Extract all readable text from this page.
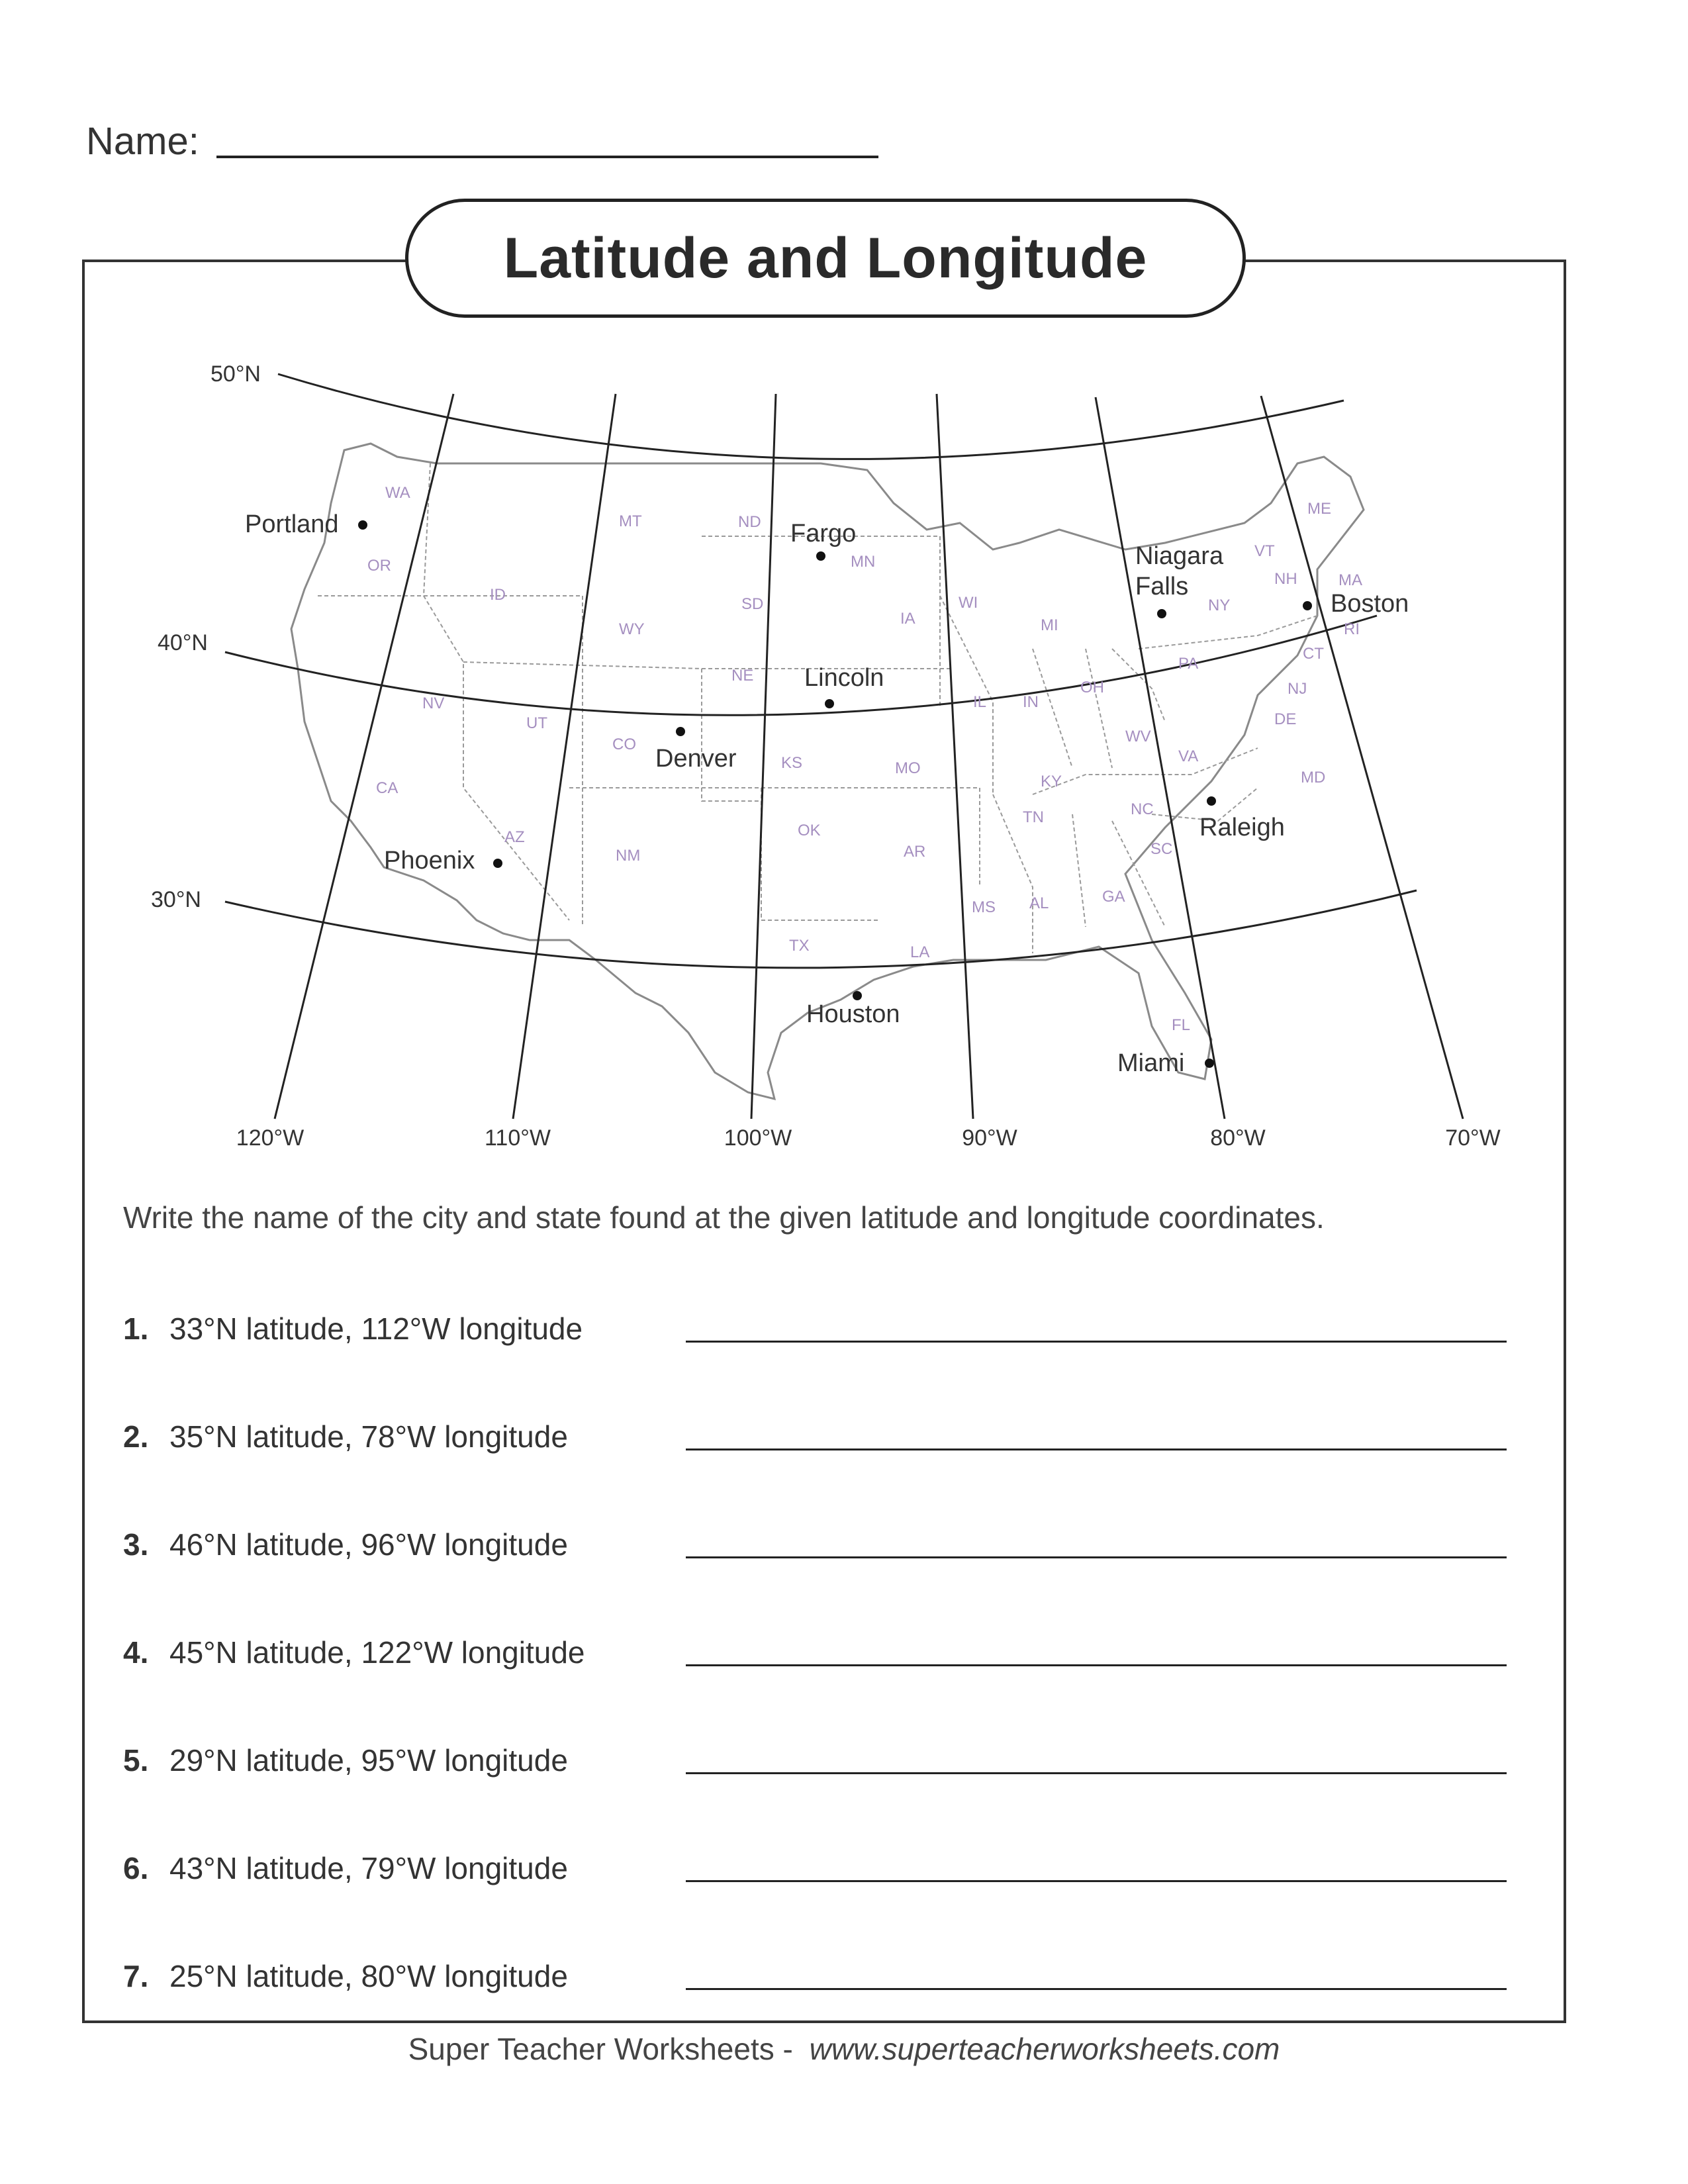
Name:
Latitude and Longitude
50°N
40°N
30°N
120°W	110°W	100°W	90°W	80°W	70°W
WA
OR
ID
MT
WY
ND
SD
MN
NE
IA
WI
MI
NY
VT
NH
ME
MA
RI
CT
NJ
DE
MD
PA
OH
IN
IL
NV
UT
CO
KS	MO
KY
WV
VA
CA
AZ
NM
OK
AR
TN	NC
SC
GA
AL
MS
LA
TX
FL
Portland	Fargo
Niagara
Falls
Boston
Lincoln
Denver
Phoenix
Raleigh
Houston
Miami
Write the name of the city and state found at the given latitude and longitude coordinates.
1. 33°N latitude, 112°W longitude
2. 35°N latitude, 78°W longitude
3. 46°N latitude, 96°W longitude
4. 45°N latitude, 122°W longitude
5. 29°N latitude, 95°W longitude
6. 43°N latitude, 79°W longitude
7. 25°N latitude, 80°W longitude
Super Teacher Worksheets - www.superteacherworksheets.com
